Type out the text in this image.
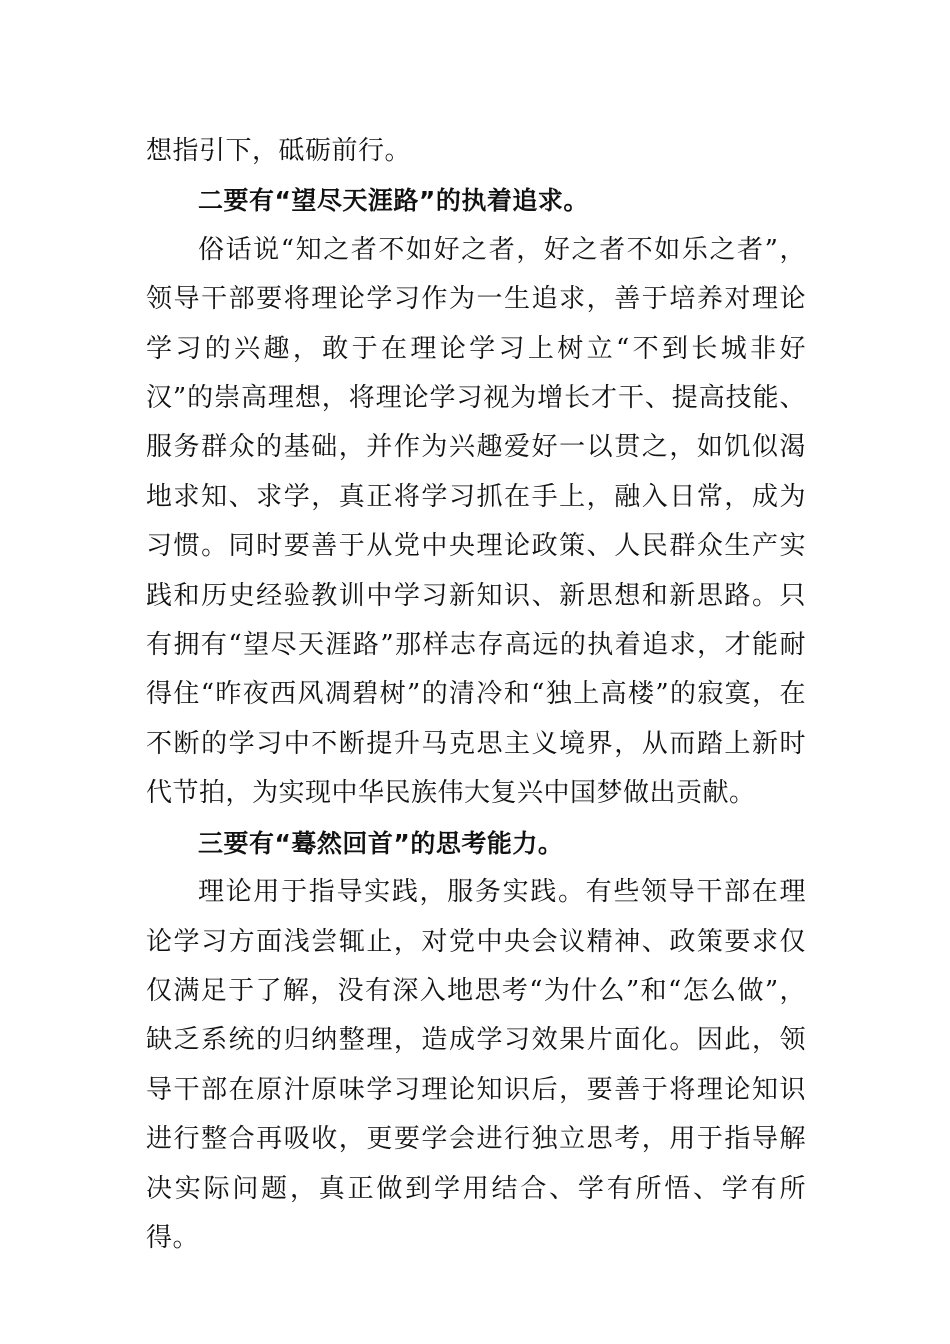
想指引下，砥砺前行。

二要有“望尽天涯路”的执着追求。

俗话说“知之者不如好之者，好之者不如乐之者”，领导干部要将理论学习作为一生追求，善于培养对理论学习的兴趣，敢于在理论学习上树立“不到长城非好汉”的崇高理想，将理论学习视为增长才干、提高技能、服务群众的基础，并作为兴趣爱好一以贯之，如饥似渴地求知、求学，真正将学习抓在手上，融入日常，成为习惯。同时要善于从党中央理论政策、人民群众生产实践和历史经验教训中学习新知识、新思想和新思路。只有拥有“望尽天涯路”那样志存高远的执着追求，才能耐得住“昨夜西风凋碧树”的清冷和“独上高楼”的寂寞，在不断的学习中不断提升马克思主义境界，从而踏上新时代节拍，为实现中华民族伟大复兴中国梦做出贡献。

三要有“蓦然回首”的思考能力。

理论用于指导实践，服务实践。有些领导干部在理论学习方面浅尝辄止，对党中央会议精神、政策要求仅仅满足于了解，没有深入地思考“为什么”和“怎么做”，缺乏系统的归纳整理，造成学习效果片面化。因此，领导干部在原汁原味学习理论知识后，要善于将理论知识进行整合再吸收，更要学会进行独立思考，用于指导解决实际问题，真正做到学用结合、学有所悟、学有所得。
